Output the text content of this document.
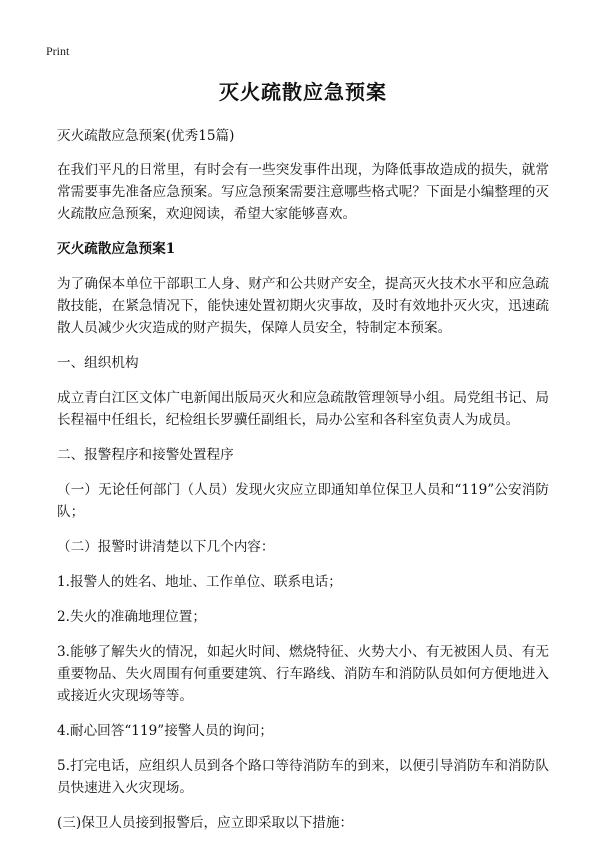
Print
灭火疏散应急预案

灭火疏散应急预案(优秀15篇)

在我们平凡的日常里，有时会有一些突发事件出现，为降低事故造成的损失，就常常需要事先准备应急预案。写应急预案需要注意哪些格式呢？下面是小编整理的灭火疏散应急预案，欢迎阅读，希望大家能够喜欢。

灭火疏散应急预案1

为了确保本单位干部职工人身、财产和公共财产安全，提高灭火技术水平和应急疏散技能，在紧急情况下，能快速处置初期火灾事故，及时有效地扑灭火灾，迅速疏散人员减少火灾造成的财产损失，保障人员安全，特制定本预案。

一、组织机构

成立青白江区文体广电新闻出版局灭火和应急疏散管理领导小组。局党组书记、局长程福中任组长，纪检组长罗骥任副组长，局办公室和各科室负责人为成员。

二、报警程序和接警处置程序

（一）无论任何部门（人员）发现火灾应立即通知单位保卫人员和“119”公安消防队；

（二）报警时讲清楚以下几个内容：

1.报警人的姓名、地址、工作单位、联系电话；

2.失火的准确地理位置；

3.能够了解失火的情况，如起火时间、燃烧特征、火势大小、有无被困人员、有无重要物品、失火周围有何重要建筑、行车路线、消防车和消防队员如何方便地进入或接近火灾现场等等。

4.耐心回答“119”接警人员的询问；

5.打完电话，应组织人员到各个路口等待消防车的到来，以便引导消防车和消防队员快速进入火灾现场。

(三)保卫人员接到报警后，应立即采取以下措施：
